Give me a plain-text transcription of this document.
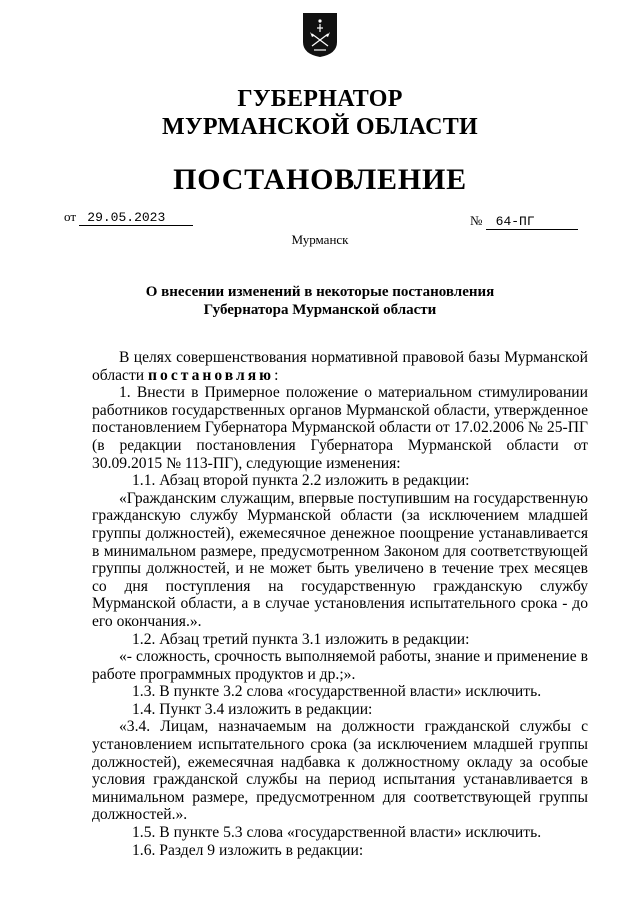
ГУБЕРНАТОР
МУРМАНСКОЙ ОБЛАСТИ
ПОСТАНОВЛЕНИЕ
от 29.05.2023	№ 64-ПГ
Мурманск
О внесении изменений в некоторые постановления
Губернатора Мурманской области
В целях совершенствования нормативной правовой базы Мурманской области постановляю:
1. Внести в Примерное положение о материальном стимулировании работников государственных органов Мурманской области, утвержденное постановлением Губернатора Мурманской области от 17.02.2006 № 25-ПГ (в редакции постановления Губернатора Мурманской области от 30.09.2015 № 113-ПГ), следующие изменения:
1.1. Абзац второй пункта 2.2 изложить в редакции:
«Гражданским служащим, впервые поступившим на государственную гражданскую службу Мурманской области (за исключением младшей группы должностей), ежемесячное денежное поощрение устанавливается в минимальном размере, предусмотренном Законом для соответствующей группы должностей, и не может быть увеличено в течение трех месяцев со дня поступления на государственную гражданскую службу Мурманской области, а в случае установления испытательного срока - до его окончания.».
1.2. Абзац третий пункта 3.1 изложить в редакции:
«- сложность, срочность выполняемой работы, знание и применение в работе программных продуктов и др.;».
1.3. В пункте 3.2 слова «государственной власти» исключить.
1.4. Пункт 3.4 изложить в редакции:
«3.4. Лицам, назначаемым на должности гражданской службы с установлением испытательного срока (за исключением младшей группы должностей), ежемесячная надбавка к должностному окладу за особые условия гражданской службы на период испытания устанавливается в минимальном размере, предусмотренном для соответствующей группы должностей.».
1.5. В пункте 5.3 слова «государственной власти» исключить.
1.6. Раздел 9 изложить в редакции:
